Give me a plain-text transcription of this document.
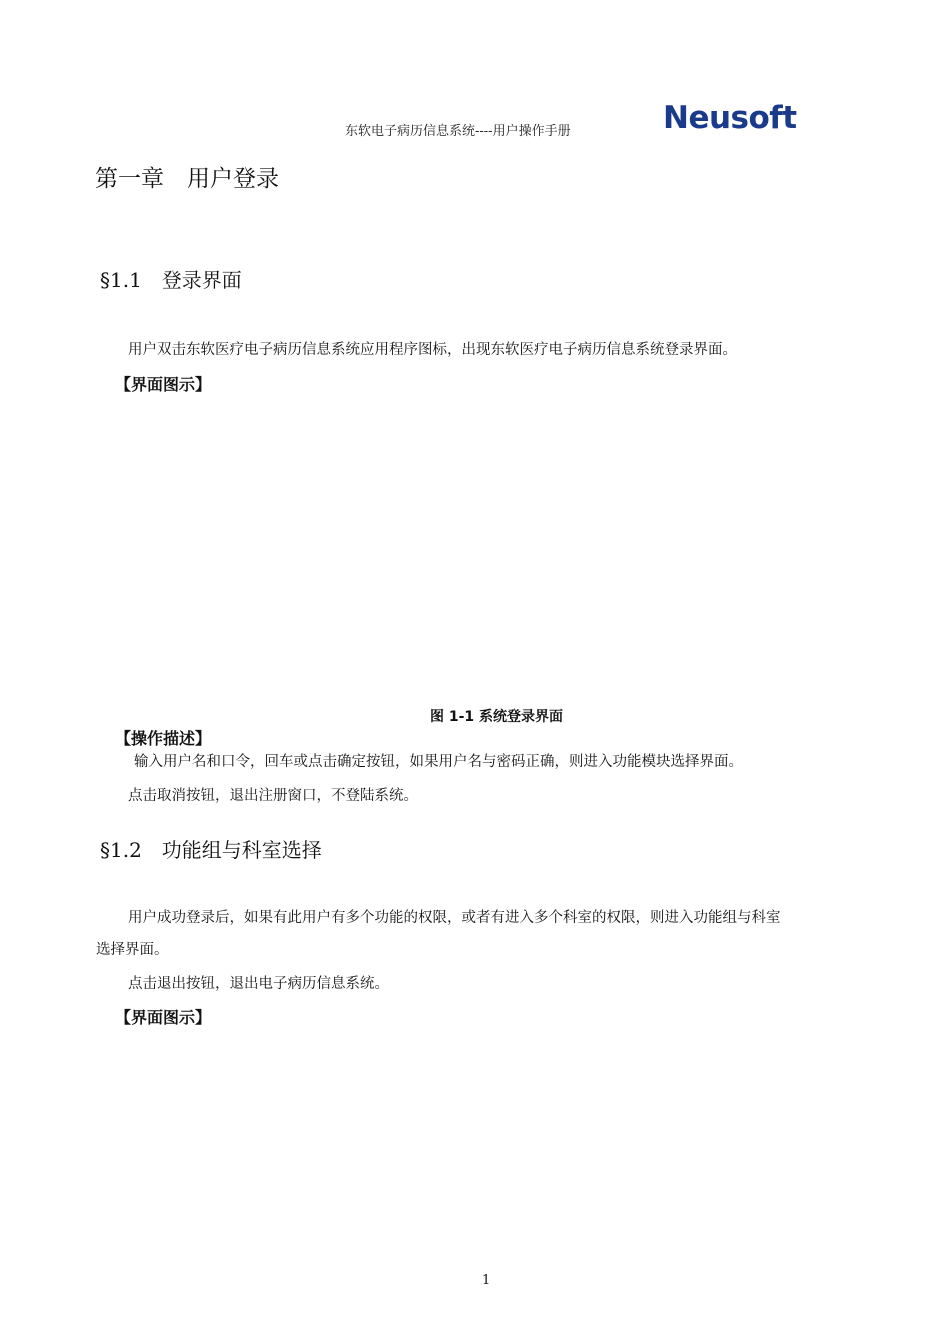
东软电子病历信息系统----用户操作手册	Neusoft
第一章　用户登录
§1.1　登录界面
用户双击东软医疗电子病历信息系统应用程序图标，出现东软医疗电子病历信息系统登录界面。
【界面图示】
图 1-1 系统登录界面
【操作描述】
输入用户名和口令，回车或点击确定按钮，如果用户名与密码正确，则进入功能模块选择界面。
点击取消按钮，退出注册窗口，不登陆系统。
§1.2　功能组与科室选择
用户成功登录后，如果有此用户有多个功能的权限，或者有进入多个科室的权限，则进入功能组与科室
选择界面。
点击退出按钮，退出电子病历信息系统。
【界面图示】
1
